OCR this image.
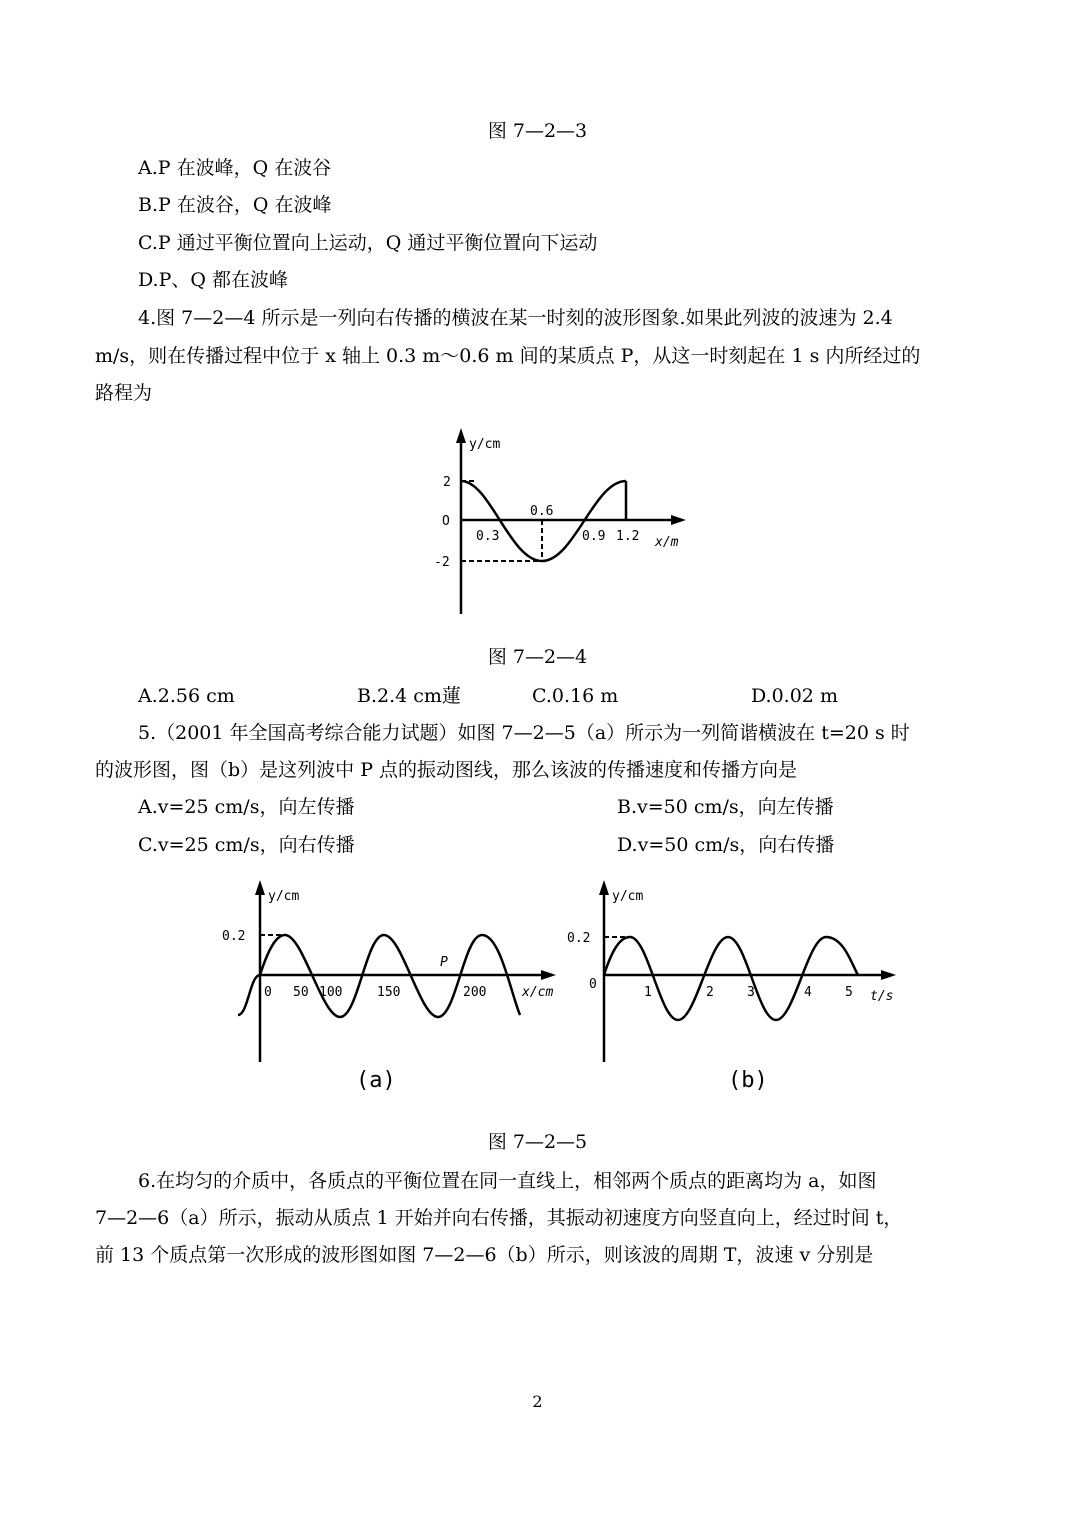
图 7—2—3
A.P 在波峰，Q 在波谷
B.P 在波谷，Q 在波峰
C.P 通过平衡位置向上运动，Q 通过平衡位置向下运动
D.P、Q 都在波峰
4.图 7—2—4 所示是一列向右传播的横波在某一时刻的波形图象.如果此列波的波速为 2.4
m/s，则在传播过程中位于 x 轴上 0.3 m～0.6 m 间的某质点 P，从这一时刻起在 1 s 内所经过的
路程为
y/cm
2
O
-2
0.3
0.6
0.9 1.2 x/m
图 7—2—4
A.2.56 cm	B.2.4 cm蓮	C.0.16 m	D.0.02 m
5.（2001 年全国高考综合能力试题）如图 7—2—5（a）所示为一列简谐横波在 t=20 s 时
的波形图，图（b）是这列波中 P 点的振动图线，那么该波的传播速度和传播方向是
A.v=25 cm/s，向左传播	B.v=50 cm/s，向左传播
C.v=25 cm/s，向右传播	D.v=50 cm/s，向右传播
y/cm
0.2
0 50 100	150	200
P
x/cm
(a)
y/cm
0.2
0
1	2	3	4	5 t/s
(b)
图 7—2—5
6.在均匀的介质中，各质点的平衡位置在同一直线上，相邻两个质点的距离均为 a，如图
7—2—6（a）所示，振动从质点 1 开始并向右传播，其振动初速度方向竖直向上，经过时间 t，
前 13 个质点第一次形成的波形图如图 7—2—6（b）所示，则该波的周期 T，波速 v 分别是
2
